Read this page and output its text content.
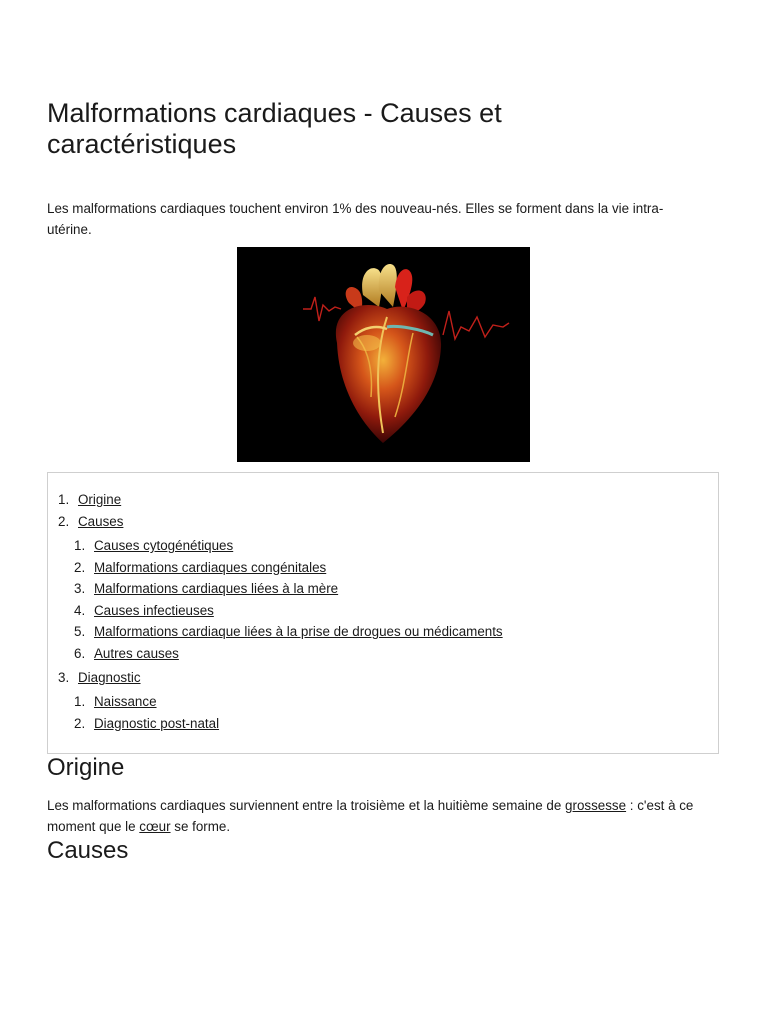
Malformations cardiaques - Causes et caractéristiques

Les malformations cardiaques touchent environ 1% des nouveau-nés. Elles se forment dans la vie intra-utérine.

1. Origine
2. Causes
1. Causes cytogénétiques
2. Malformations cardiaques congénitales
3. Malformations cardiaques liées à la mère
4. Causes infectieuses
5. Malformations cardiaque liées à la prise de drogues ou médicaments
6. Autres causes
3. Diagnostic
1. Naissance
2. Diagnostic post-natal
Origine

Les malformations cardiaques surviennent entre la troisième et la huitième semaine de grossesse : c'est à ce moment que le cœur se forme.

Causes
